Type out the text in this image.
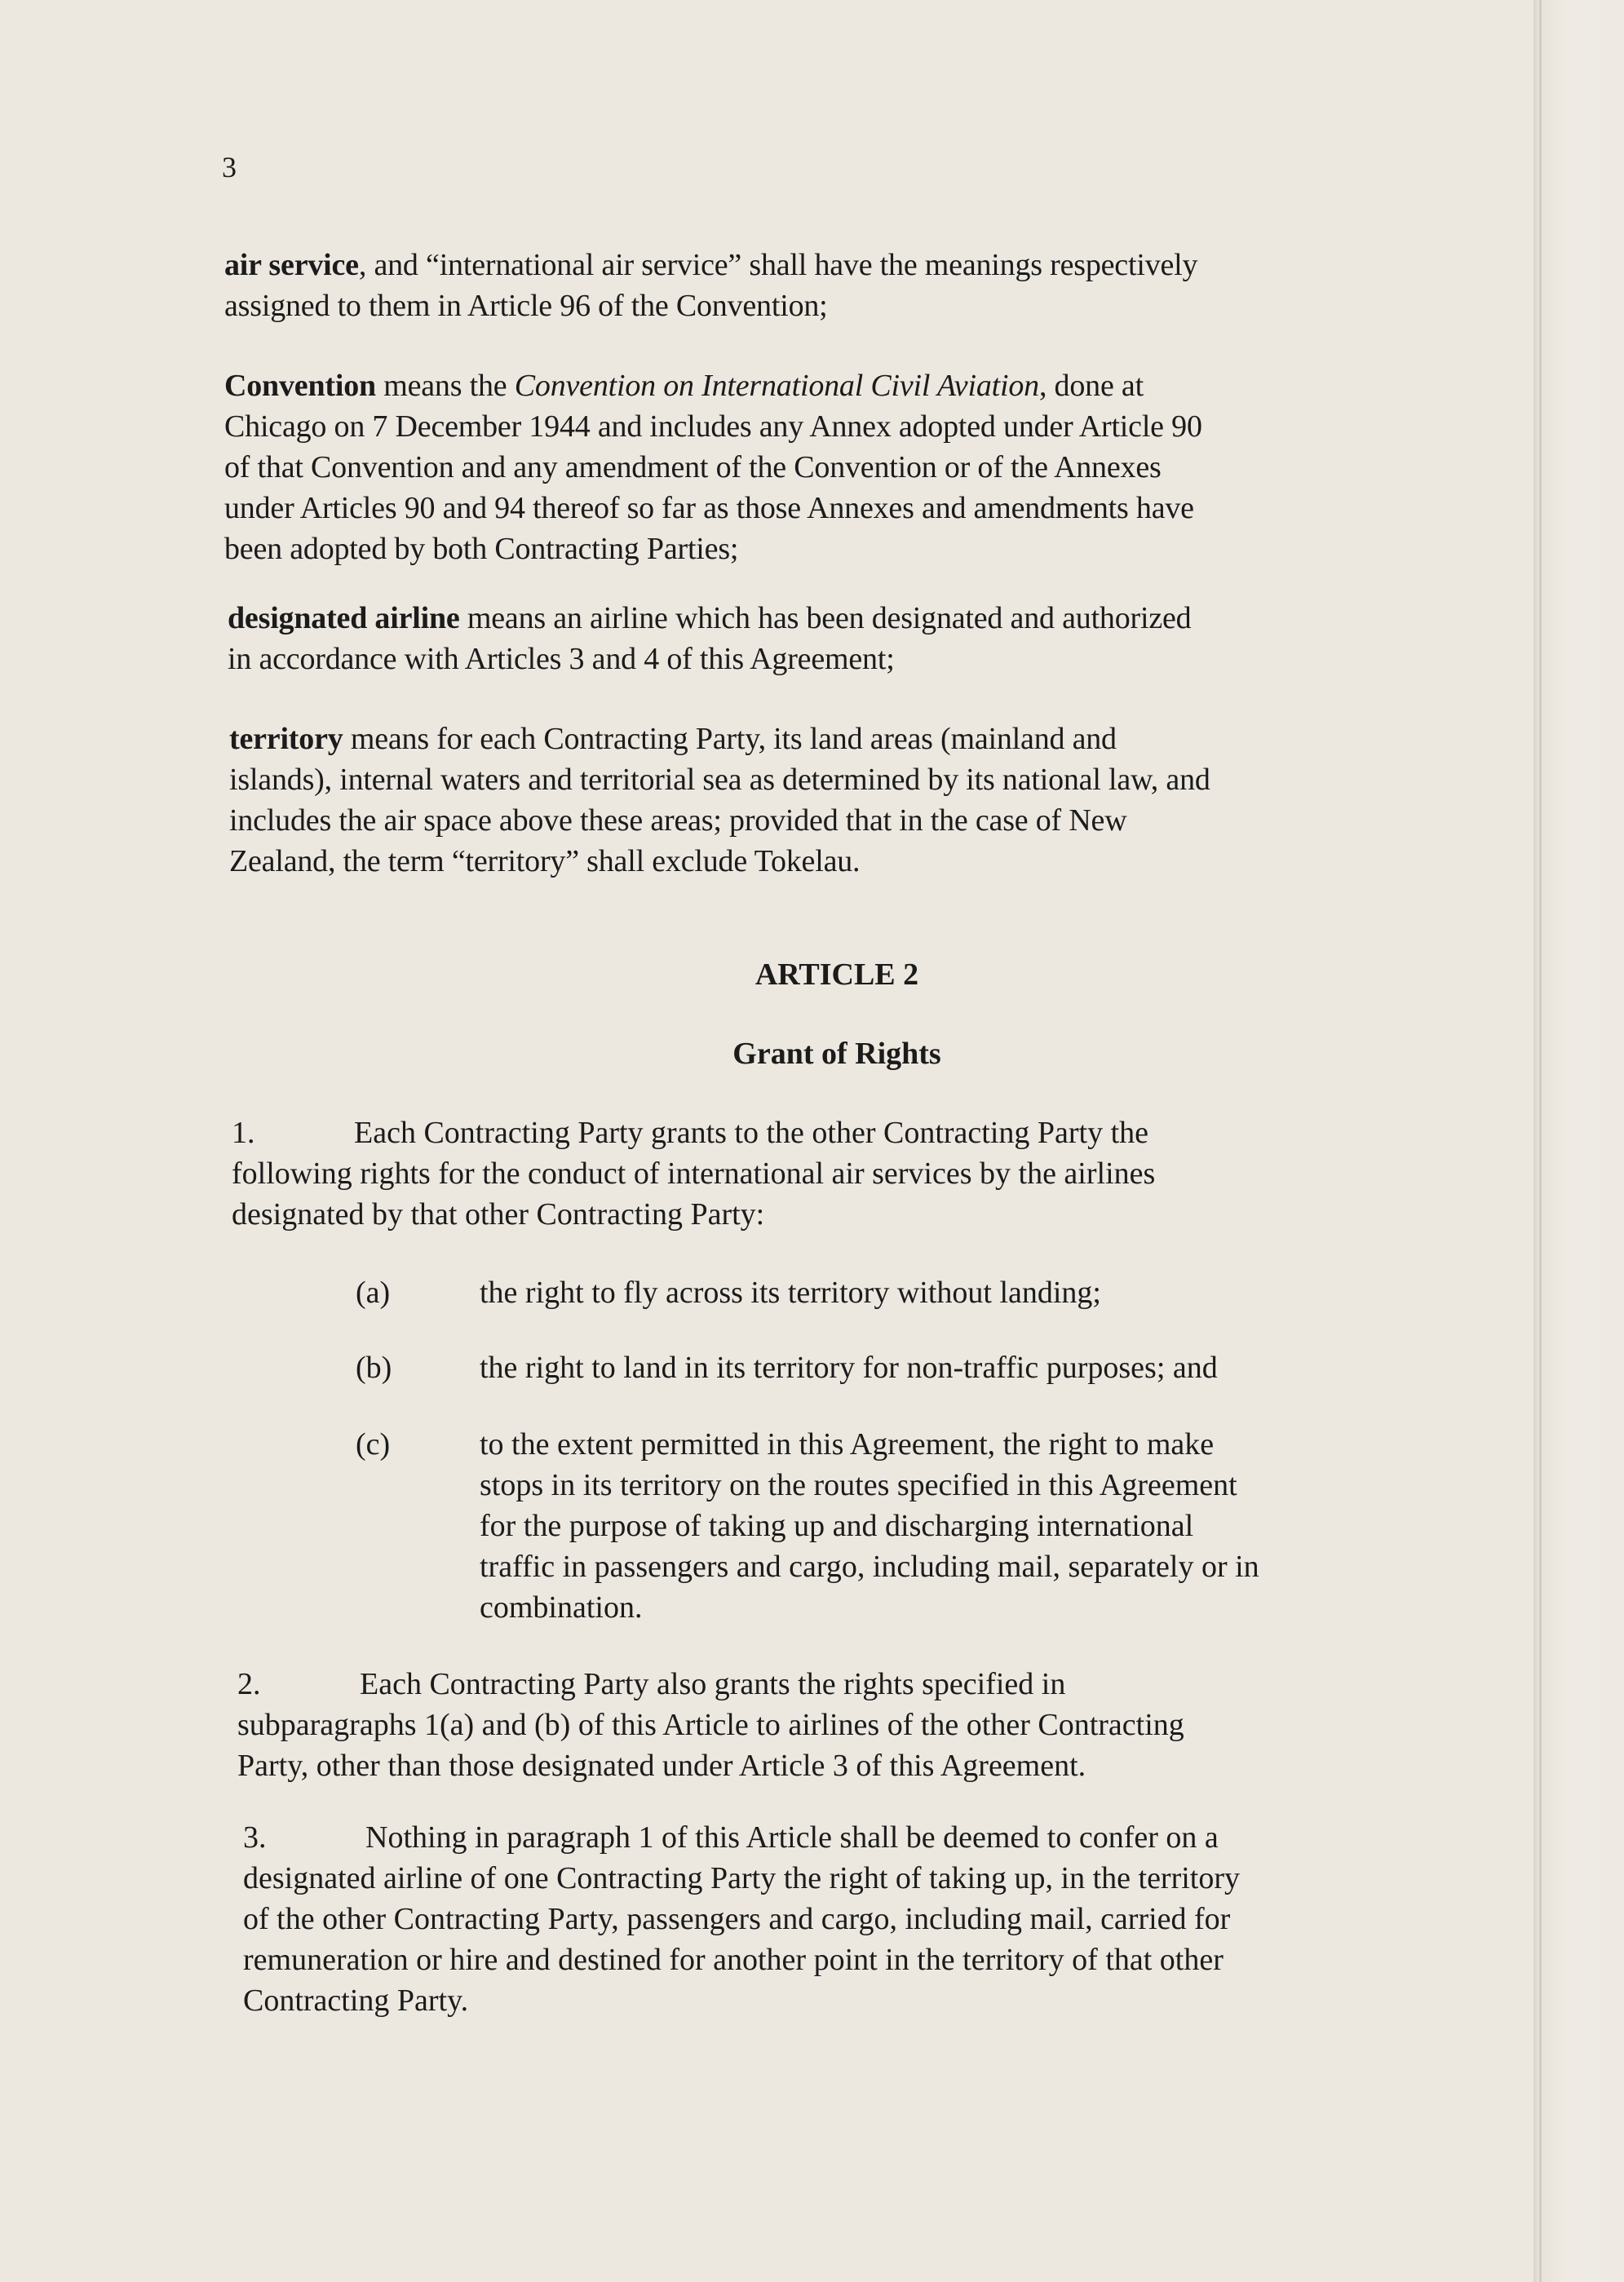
3
air service, and “international air service” shall have the meanings respectively
assigned to them in Article 96 of the Convention;
Convention means the Convention on International Civil Aviation, done at
Chicago on 7 December 1944 and includes any Annex adopted under Article 90
of that Convention and any amendment of the Convention or of the Annexes
under Articles 90 and 94 thereof so far as those Annexes and amendments have
been adopted by both Contracting Parties;
designated airline means an airline which has been designated and authorized
in accordance with Articles 3 and 4 of this Agreement;
territory means for each Contracting Party, its land areas (mainland and
islands), internal waters and territorial sea as determined by its national law, and
includes the air space above these areas; provided that in the case of New
Zealand, the term “territory” shall exclude Tokelau.
ARTICLE 2
Grant of Rights
1.	Each Contracting Party grants to the other Contracting Party the
following rights for the conduct of international air services by the airlines
designated by that other Contracting Party:
(a)	the right to fly across its territory without landing;
(b)	the right to land in its territory for non-traffic purposes; and
(c)	to the extent permitted in this Agreement, the right to make
stops in its territory on the routes specified in this Agreement
for the purpose of taking up and discharging international
traffic in passengers and cargo, including mail, separately or in
combination.
2.	Each Contracting Party also grants the rights specified in
subparagraphs 1(a) and (b) of this Article to airlines of the other Contracting
Party, other than those designated under Article 3 of this Agreement.
3.	Nothing in paragraph 1 of this Article shall be deemed to confer on a
designated airline of one Contracting Party the right of taking up, in the territory
of the other Contracting Party, passengers and cargo, including mail, carried for
remuneration or hire and destined for another point in the territory of that other
Contracting Party.
